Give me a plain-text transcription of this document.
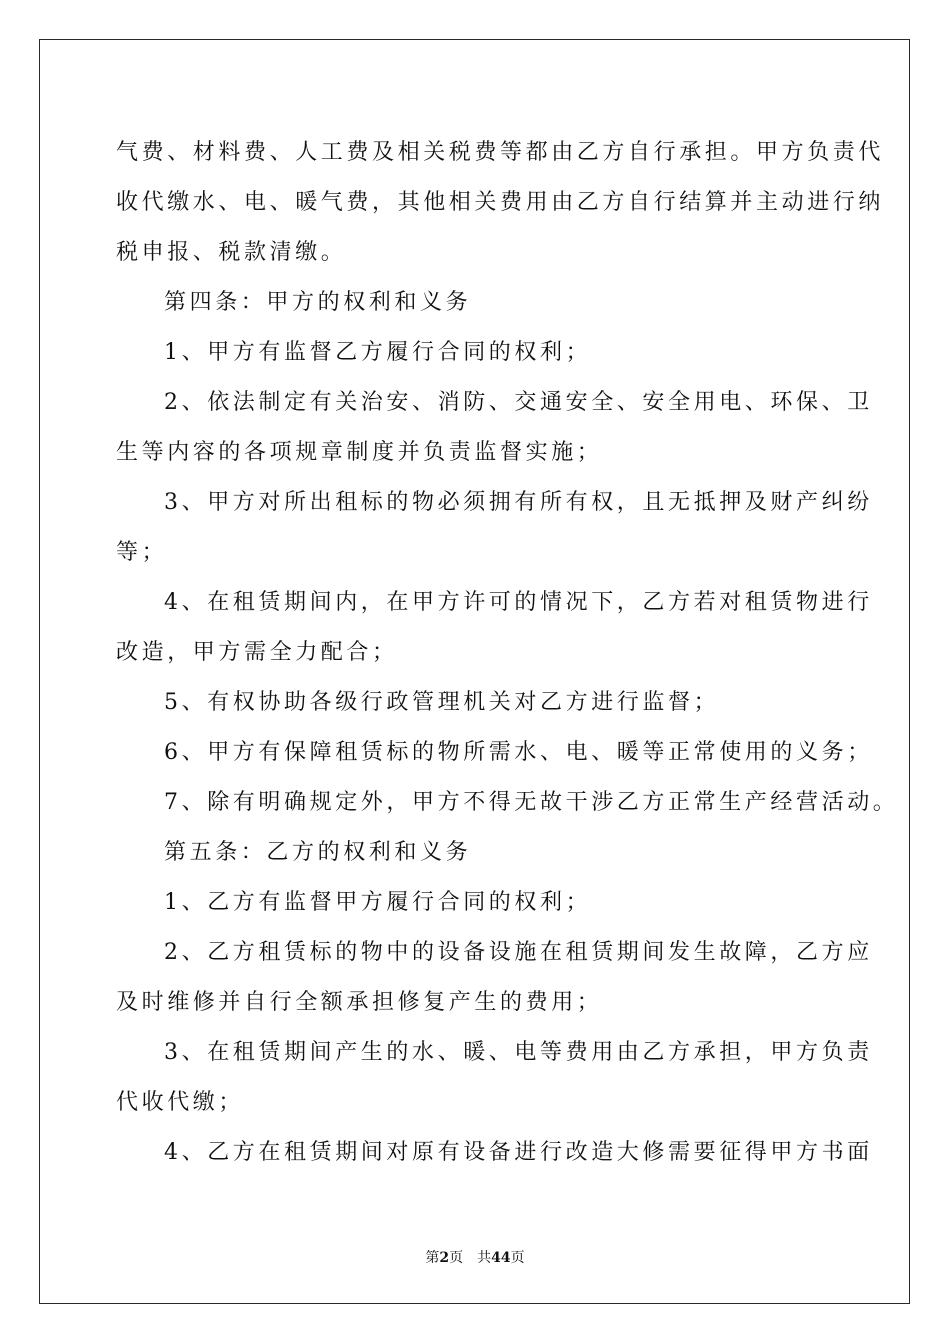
气费、材料费、人工费及相关税费等都由乙方自行承担。甲方负责代

收代缴水、电、暖气费，其他相关费用由乙方自行结算并主动进行纳

税申报、税款清缴。

第四条：甲方的权利和义务

1、甲方有监督乙方履行合同的权利；

2、依法制定有关治安、消防、交通安全、安全用电、环保、卫

生等内容的各项规章制度并负责监督实施；

3、甲方对所出租标的物必须拥有所有权，且无抵押及财产纠纷

等；

4、在租赁期间内，在甲方许可的情况下，乙方若对租赁物进行

改造，甲方需全力配合；

5、有权协助各级行政管理机关对乙方进行监督；

6、甲方有保障租赁标的物所需水、电、暖等正常使用的义务；

7、除有明确规定外，甲方不得无故干涉乙方正常生产经营活动。

第五条：乙方的权利和义务

1、乙方有监督甲方履行合同的权利；

2、乙方租赁标的物中的设备设施在租赁期间发生故障，乙方应

及时维修并自行全额承担修复产生的费用；

3、在租赁期间产生的水、暖、电等费用由乙方承担，甲方负责

代收代缴；

4、乙方在租赁期间对原有设备进行改造大修需要征得甲方书面

第2页 共44页
